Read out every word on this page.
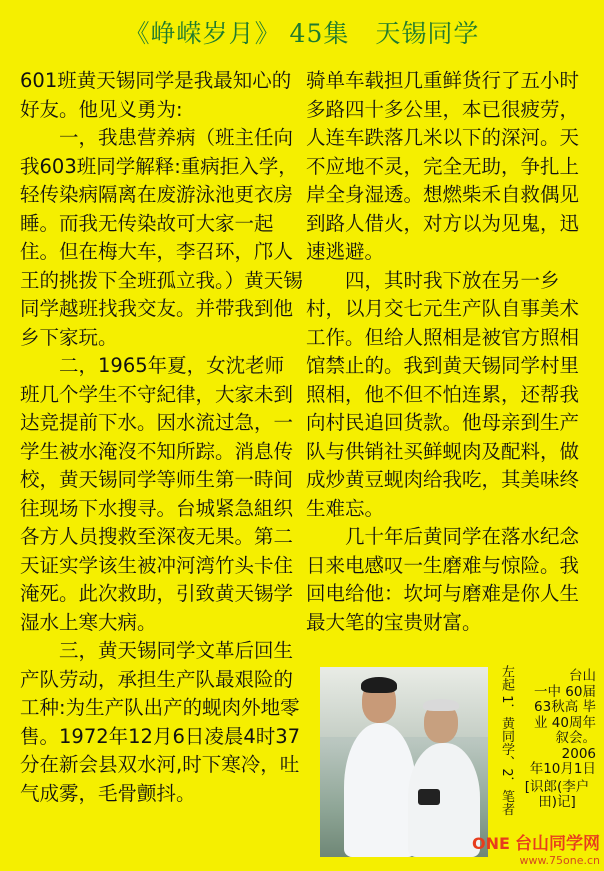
《峥嵘岁月》 45集　天锡同学

601班黄天锡同学是我最知心的好友。他见义勇为:

一，我患营养病（班主任向我603班同学解释:重病拒入学，轻传染病隔离在废游泳池更衣房睡。而我无传染故可大家一起住。但在梅大车，李召环，邝人王的挑拨下全班孤立我。）黄天锡同学越班找我交友。并带我到他乡下家玩。

二，1965年夏，女沈老师班几个学生不守紀律，大家未到达竞提前下水。因水流过急，一学生被水淹沒不知所踪。消息传校，黄天锡同学等师生第一時间往现场下水搜寻。台城紧急組织各方人员搜救至深夜无果。第二天证实学该生被冲河湾竹头卡住淹死。此次救助，引致黄天锡学湿水上寒大病。

三，黄天锡同学文革后回生产队劳动，承担生产队最艰险的工种:为生产队出产的蚬肉外地零售。1972年12月6日凌晨4时37分在新会县双水河,时下寒冷，吐气成雾，毛骨颤抖。

骑单车载担几重鲜货行了五小时多路四十多公里，本已很疲劳，人连车跌落几米以下的深河。天不应地不灵，完全无助，争扎上岸全身湿透。想燃柴禾自救偶见到路人借火，对方以为见鬼，迅速逃避。

四，其时我下放在另一乡村，以月交七元生产队自事美术工作。但给人照相是被官方照相馆禁止的。我到黄天锡同学村里照相，他不但不怕连累，还帮我向村民追回货款。他母亲到生产队与供销社买鲜蚬肉及配料，做成炒黄豆蚬肉给我吃，其美味终生难忘。

几十年后黄同学在落水纪念日来电感叹一生磨难与惊险。我回电给他：坎坷与磨难是你人生最大笔的宝贵财富。

左起 1．黄同学、2．笔者	台山

一中 60届

63秋高 毕

业 40周年

叙会。

2006

年10月1日

[识郎(李户田)记]

ONE 台山同学网
www.75one.cn
